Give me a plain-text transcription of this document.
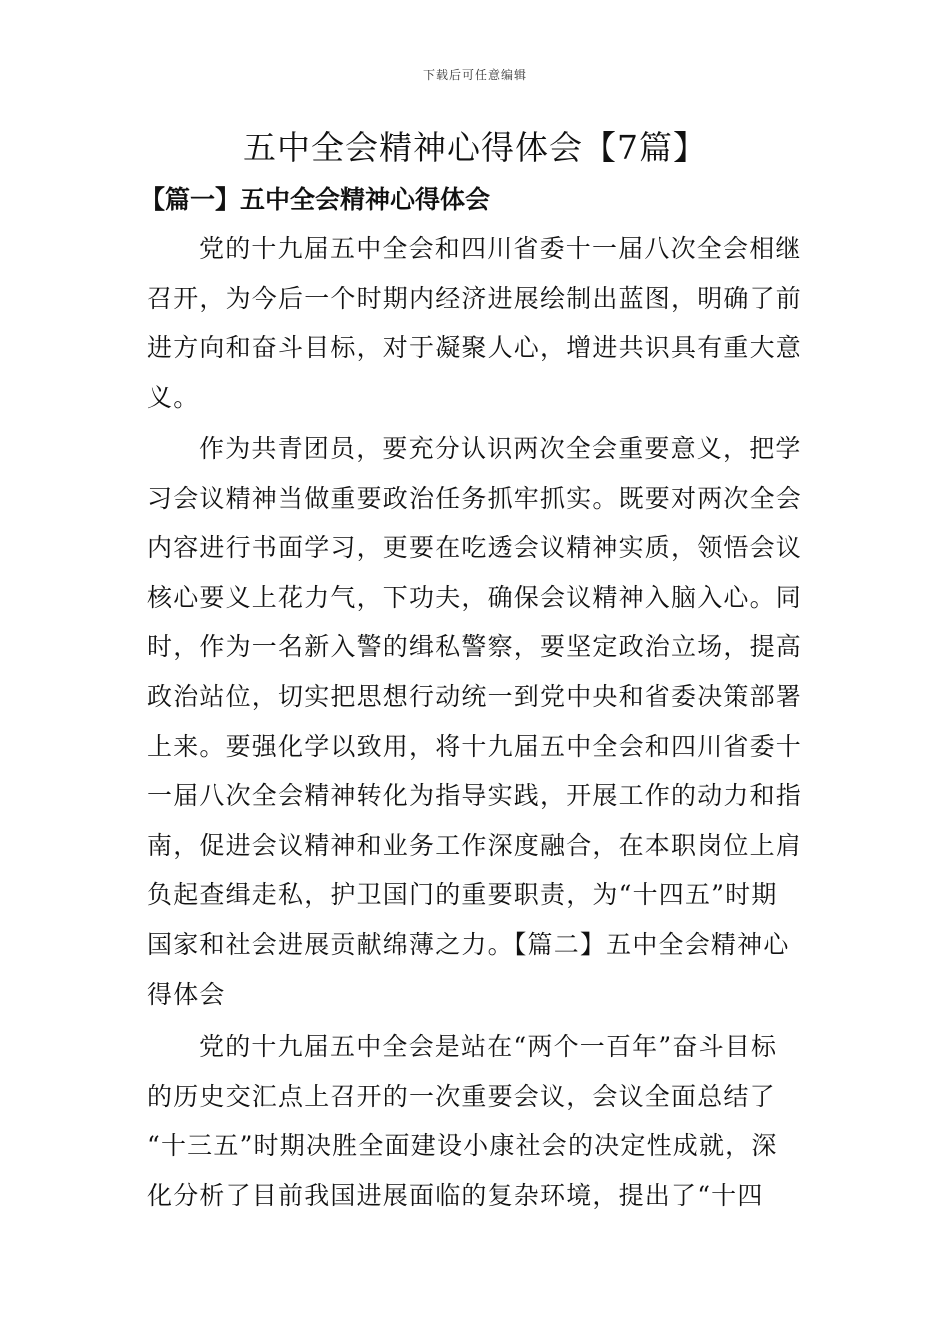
下载后可任意编辑
五中全会精神心得体会【7篇】
【篇一】五中全会精神心得体会
党的十九届五中全会和四川省委十一届八次全会相继
召开，为今后一个时期内经济进展绘制出蓝图，明确了前
进方向和奋斗目标，对于凝聚人心，增进共识具有重大意
义。
作为共青团员，要充分认识两次全会重要意义，把学
习会议精神当做重要政治任务抓牢抓实。既要对两次全会
内容进行书面学习，更要在吃透会议精神实质，领悟会议
核心要义上花力气，下功夫，确保会议精神入脑入心。同
时，作为一名新入警的缉私警察，要坚定政治立场，提高
政治站位，切实把思想行动统一到党中央和省委决策部署
上来。要强化学以致用，将十九届五中全会和四川省委十
一届八次全会精神转化为指导实践，开展工作的动力和指
南，促进会议精神和业务工作深度融合，在本职岗位上肩
负起查缉走私，护卫国门的重要职责，为“十四五”时期
国家和社会进展贡献绵薄之力。【篇二】五中全会精神心
得体会
党的十九届五中全会是站在“两个一百年”奋斗目标
的历史交汇点上召开的一次重要会议，会议全面总结了
“十三五”时期决胜全面建设小康社会的决定性成就，深
化分析了目前我国进展面临的复杂环境，提出了“十四
